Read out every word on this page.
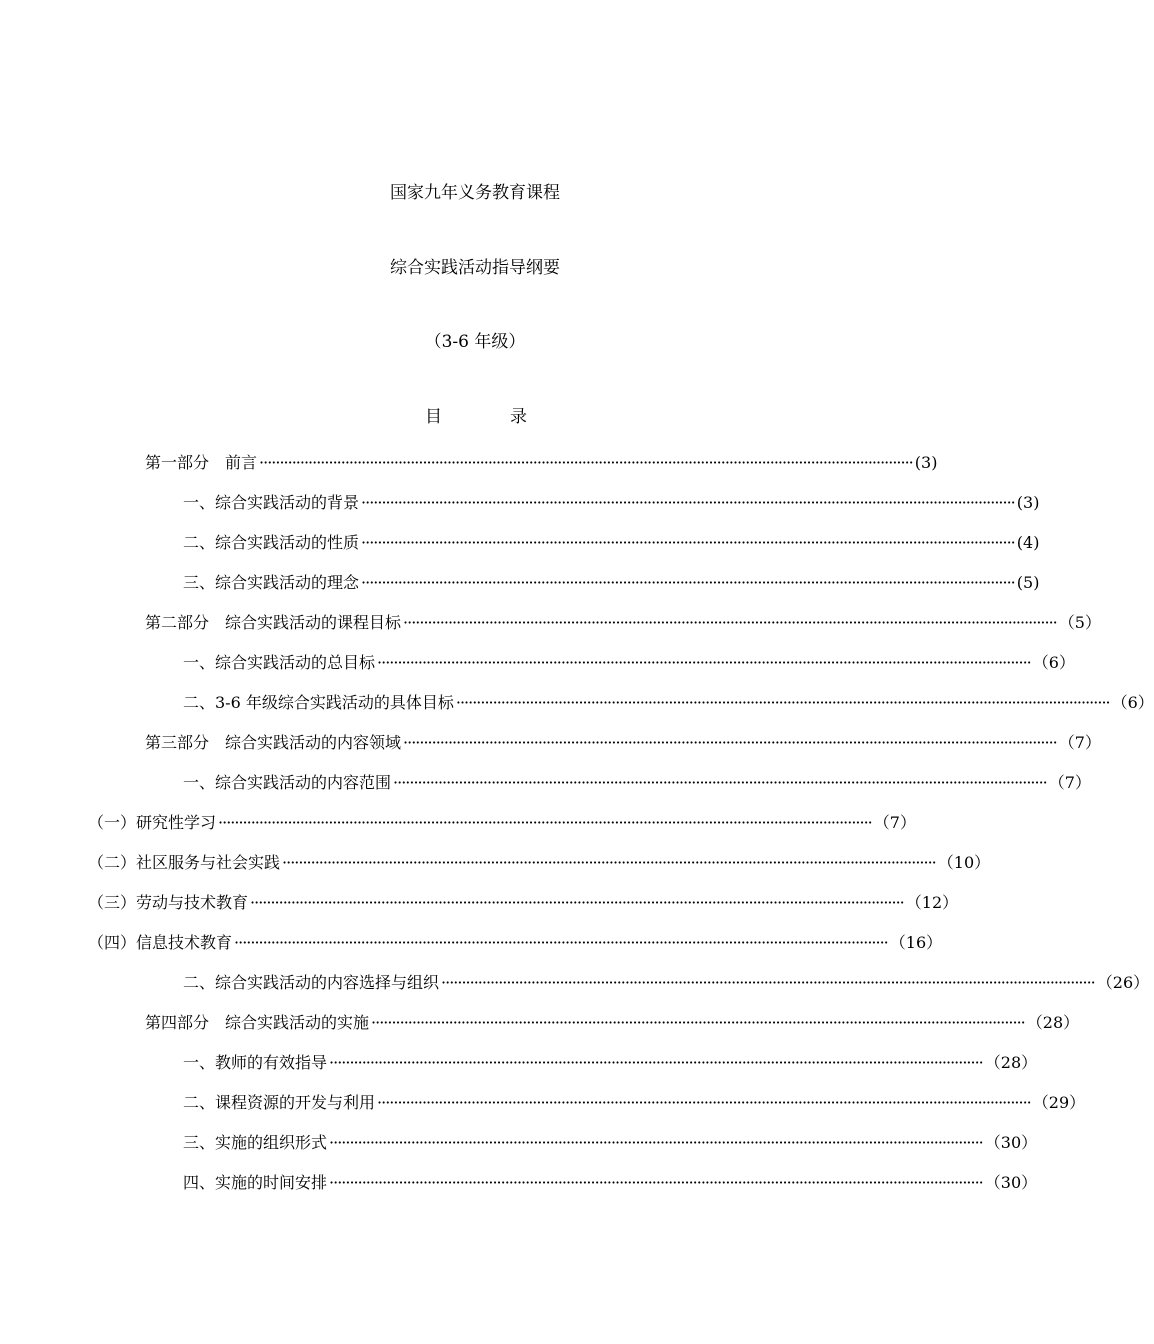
国家九年义务教育课程
综合实践活动指导纲要
（3-6 年级）
目	录
第一部分　前言 ································································································································································ (3)
一、综合实践活动的背景 ································································································································································ (3)
二、综合实践活动的性质 ································································································································································ (4)
三、综合实践活动的理念 ································································································································································ (5)
第二部分　综合实践活动的课程目标 ································································································································································ （5）
一、综合实践活动的总目标 ································································································································································ （6）
二、3-6 年级综合实践活动的具体目标 ································································································································································ （6）
第三部分　综合实践活动的内容领域 ································································································································································ （7）
一、综合实践活动的内容范围 ································································································································································ （7）
（一）研究性学习 ································································································································································ （7）
（二）社区服务与社会实践 ································································································································································ （10）
（三）劳动与技术教育 ································································································································································ （12）
（四）信息技术教育 ································································································································································ （16）
二、综合实践活动的内容选择与组织 ································································································································································ （26）
第四部分　综合实践活动的实施 ································································································································································ （28）
一、教师的有效指导 ································································································································································ （28）
二、课程资源的开发与利用 ································································································································································ （29）
三、实施的组织形式 ································································································································································ （30）
四、实施的时间安排 ································································································································································ （30）
